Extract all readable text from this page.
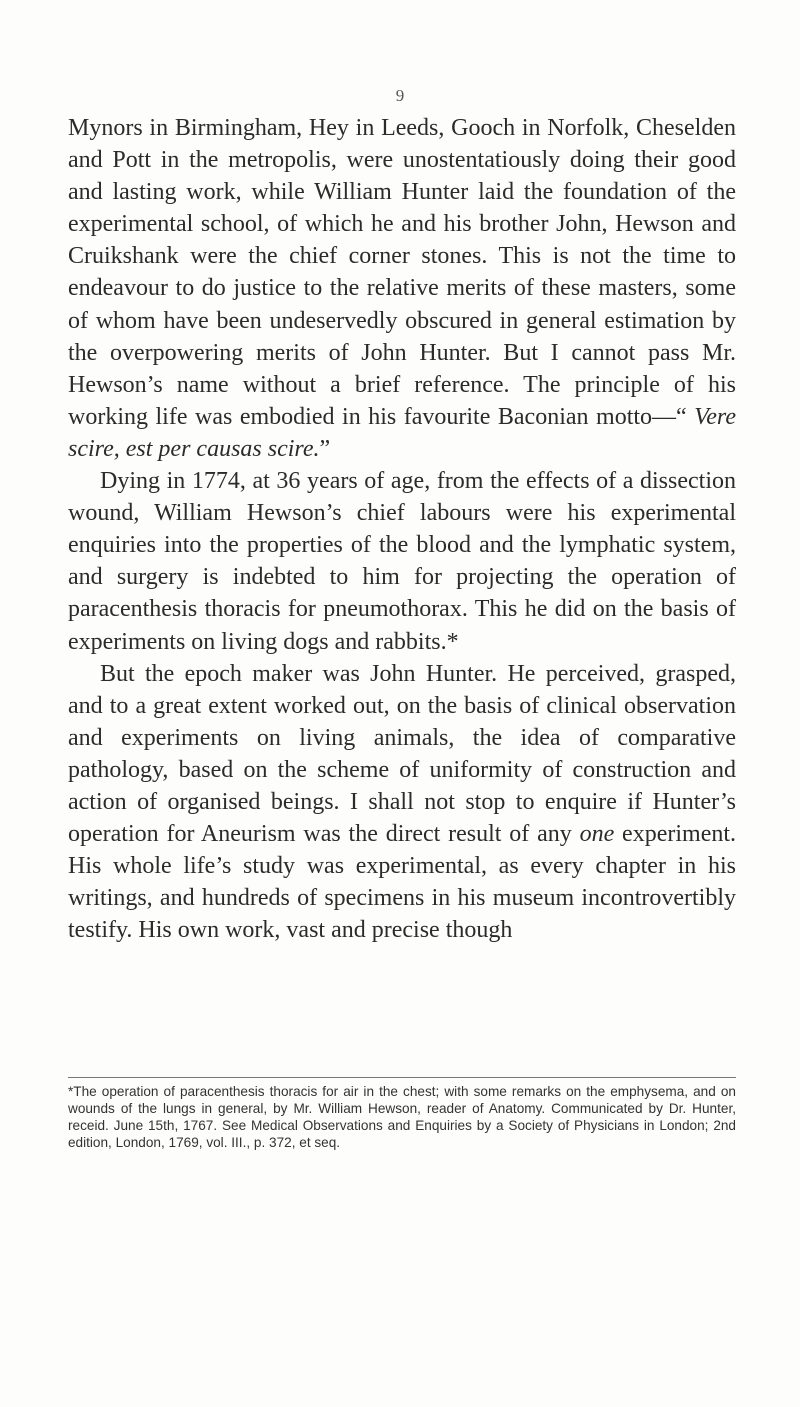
9

Mynors in Birmingham, Hey in Leeds, Gooch in Norfolk, Cheselden and Pott in the metropolis, were unostentatiously doing their good and lasting work, while William Hunter laid the foundation of the experimental school, of which he and his brother John, Hewson and Cruikshank were the chief corner stones. This is not the time to endeavour to do justice to the relative merits of these masters, some of whom have been undeservedly obscured in general estimation by the overpowering merits of John Hunter. But I cannot pass Mr. Hewson’s name without a brief reference. The principle of his working life was embodied in his favourite Baconian motto—“ Vere scire, est per causas scire.”

Dying in 1774, at 36 years of age, from the effects of a dissection wound, William Hewson’s chief labours were his experimental enquiries into the properties of the blood and the lymphatic system, and surgery is indebted to him for projecting the operation of paracenthesis thoracis for pneumothorax. This he did on the basis of experiments on living dogs and rabbits.*

But the epoch maker was John Hunter. He perceived, grasped, and to a great extent worked out, on the basis of clinical observation and experiments on living animals, the idea of comparative pathology, based on the scheme of uniformity of construction and action of organised beings. I shall not stop to enquire if Hunter’s operation for Aneurism was the direct result of any one experiment. His whole life’s study was experimental, as every chapter in his writings, and hundreds of specimens in his museum incontrovertibly testify. His own work, vast and precise though

*The operation of paracenthesis thoracis for air in the chest; with some remarks on the emphysema, and on wounds of the lungs in general, by Mr. William Hewson, reader of Anatomy. Communicated by Dr. Hunter, receid. June 15th, 1767. See Medical Observations and Enquiries by a Society of Physicians in London; 2nd edition, London, 1769, vol. III., p. 372, et seq.
